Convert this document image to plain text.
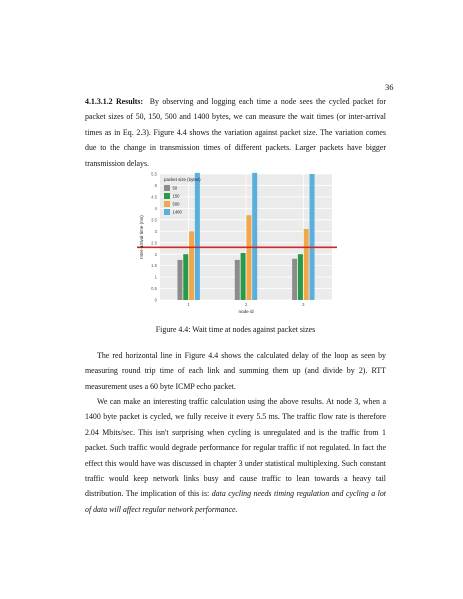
36

4.1.3.1.2 Results: By observing and logging each time a node sees the cycled packet for packet sizes of 50, 150, 500 and 1400 bytes, we can measure the wait times (or inter-arrival times as in Eq. 2.3). Figure 4.4 shows the variation against packet size. The variation comes due to the change in transmission times of different packets. Larger packets have bigger transmission delays.

0
0.5
1
1.5
2
2.5
3
3.5
4
4.5
5
5.5
1	2	3
node id
Inter-arrival time (ms)
packet size (bytes)
50
150
500
1400
Figure 4.4: Wait time at nodes against packet sizes

The red horizontal line in Figure 4.4 shows the calculated delay of the loop as seen by measuring round trip time of each link and summing them up (and divide by 2). RTT measurement uses a 60 byte ICMP echo packet.

We can make an interesting traffic calculation using the above results. At node 3, when a 1400 byte packet is cycled, we fully receive it every 5.5 ms. The traffic flow rate is therefore 2.04 Mbits/sec. This isn't surprising when cycling is unregulated and is the traffic from 1 packet. Such traffic would degrade performance for regular traffic if not regulated. In fact the effect this would have was discussed in chapter 3 under statistical multiplexing. Such constant traffic would keep network links busy and cause traffic to lean towards a heavy tail distribution. The implication of this is: data cycling needs timing regulation and cycling a lot of data will affect regular network performance.
